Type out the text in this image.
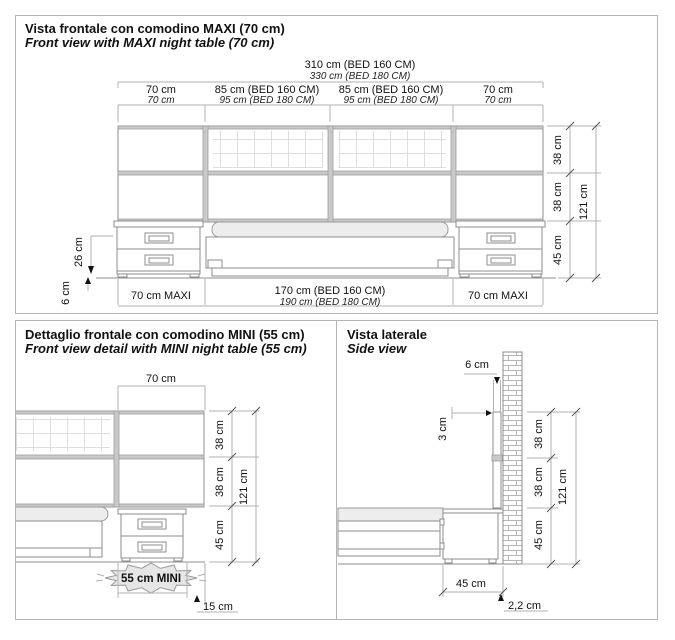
Vista frontale con comodino MAXI (70 cm)
Front view with MAXI night table (70 cm)
310 cm (BED 160 CM)
330 cm (BED 180 CM)
70 cm
70 cm
85 cm (BED 160 CM)
95 cm (BED 180 CM)
85 cm (BED 160 CM)
95 cm (BED 180 CM)
70 cm
70 cm
26 cm
6 cm	70 cm MAXI	170 cm (BED 160 CM)
190 cm (BED 180 CM)
70 cm MAXI
38 cm
38 cm
45 cm
121 cm
Dettaglio frontale con comodino MINI (55 cm)
Front view detail with MINI night table (55 cm)
70 cm
55 cm MINI
15 cm
38 cm
38 cm
45 cm
121 cm
Vista laterale
Side view
6 cm
3 cm
45 cm
2,2 cm
38 cm
38 cm
45 cm
121 cm
